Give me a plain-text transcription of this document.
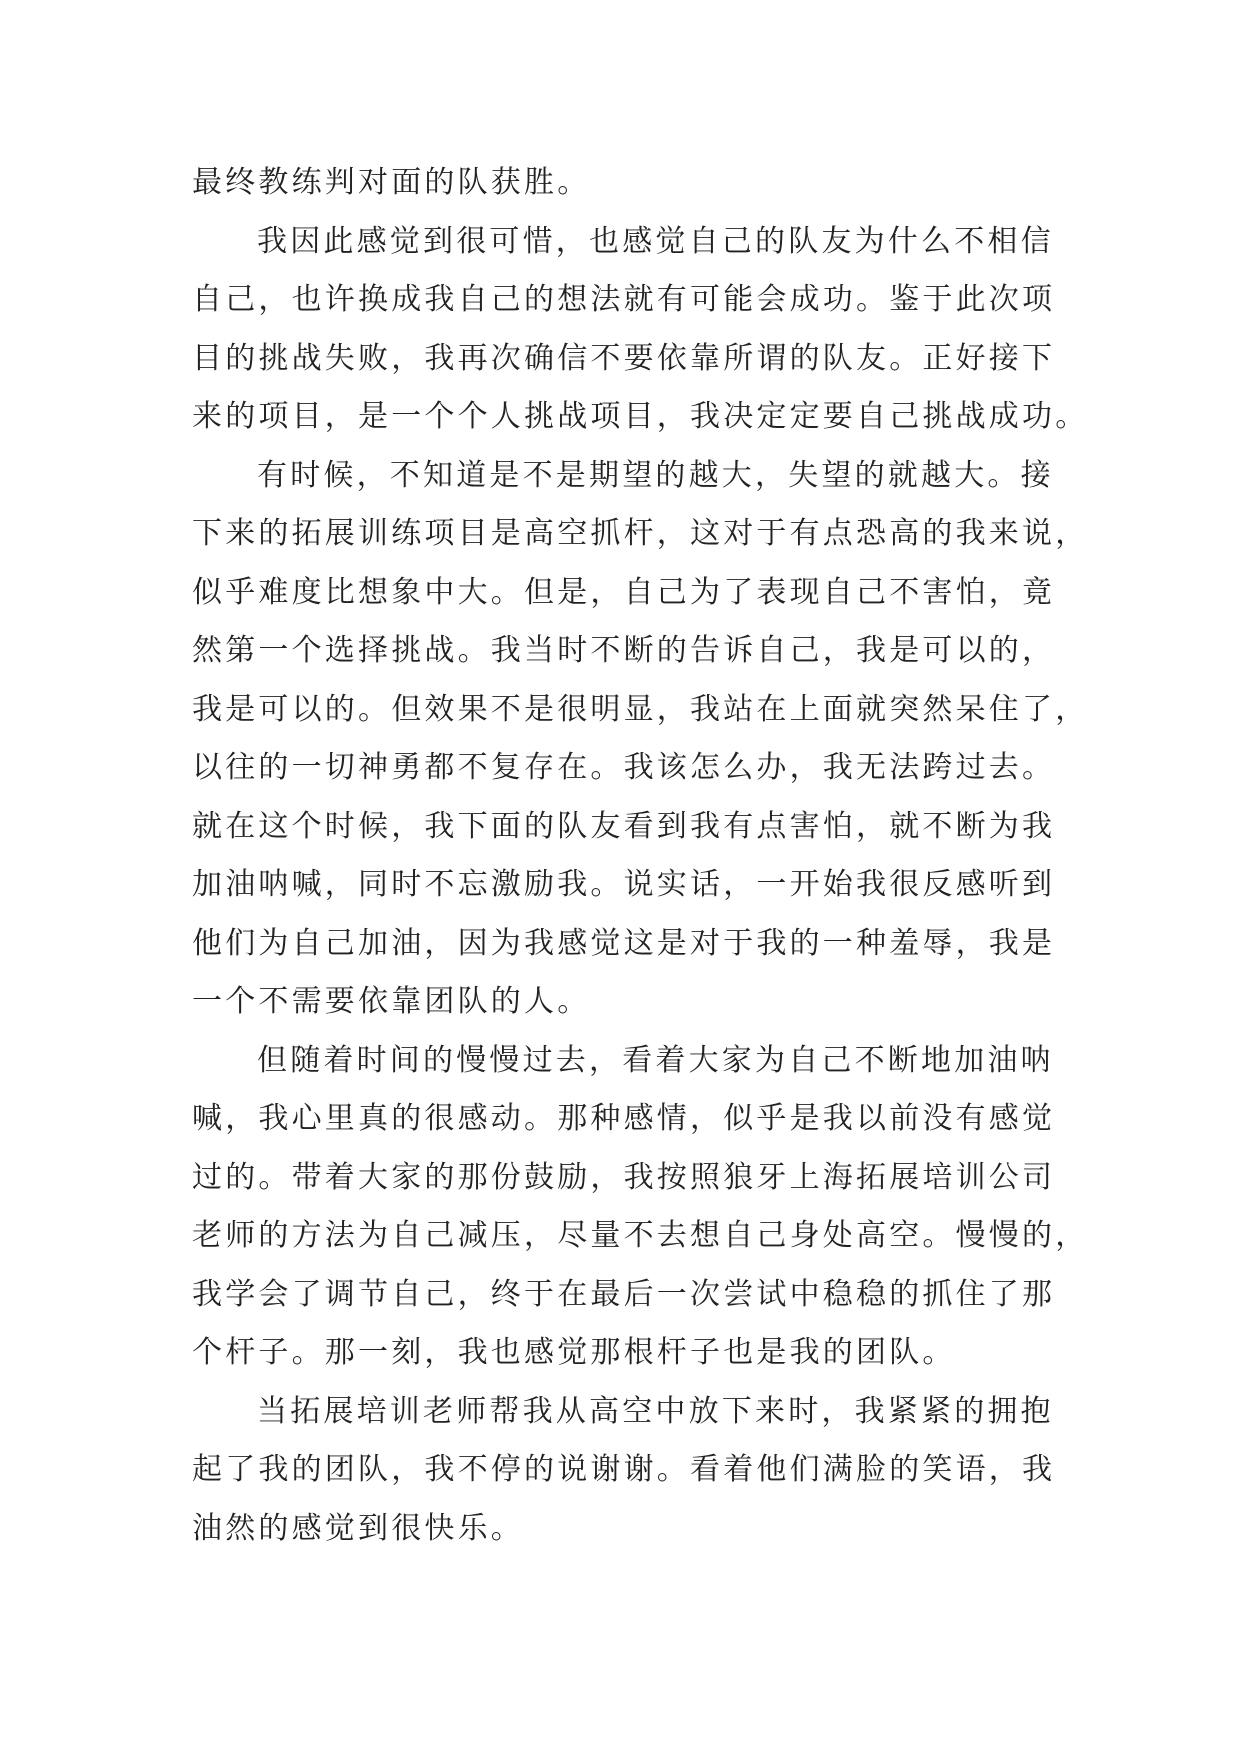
最终教练判对面的队获胜。
我因此感觉到很可惜，也感觉自己的队友为什么不相信
自己，也许换成我自己的想法就有可能会成功。鉴于此次项
目的挑战失败，我再次确信不要依靠所谓的队友。正好接下
来的项目，是一个个人挑战项目，我决定定要自己挑战成功。
有时候，不知道是不是期望的越大，失望的就越大。接
下来的拓展训练项目是高空抓杆，这对于有点恐高的我来说，
似乎难度比想象中大。但是，自己为了表现自己不害怕，竟
然第一个选择挑战。我当时不断的告诉自己，我是可以的，
我是可以的。但效果不是很明显，我站在上面就突然呆住了，
以往的一切神勇都不复存在。我该怎么办，我无法跨过去。
就在这个时候，我下面的队友看到我有点害怕，就不断为我
加油呐喊，同时不忘激励我。说实话，一开始我很反感听到
他们为自己加油，因为我感觉这是对于我的一种羞辱，我是
一个不需要依靠团队的人。
但随着时间的慢慢过去，看着大家为自己不断地加油呐
喊，我心里真的很感动。那种感情，似乎是我以前没有感觉
过的。带着大家的那份鼓励，我按照狼牙上海拓展培训公司
老师的方法为自己减压，尽量不去想自己身处高空。慢慢的，
我学会了调节自己，终于在最后一次尝试中稳稳的抓住了那
个杆子。那一刻，我也感觉那根杆子也是我的团队。
当拓展培训老师帮我从高空中放下来时，我紧紧的拥抱
起了我的团队，我不停的说谢谢。看着他们满脸的笑语，我
油然的感觉到很快乐。
